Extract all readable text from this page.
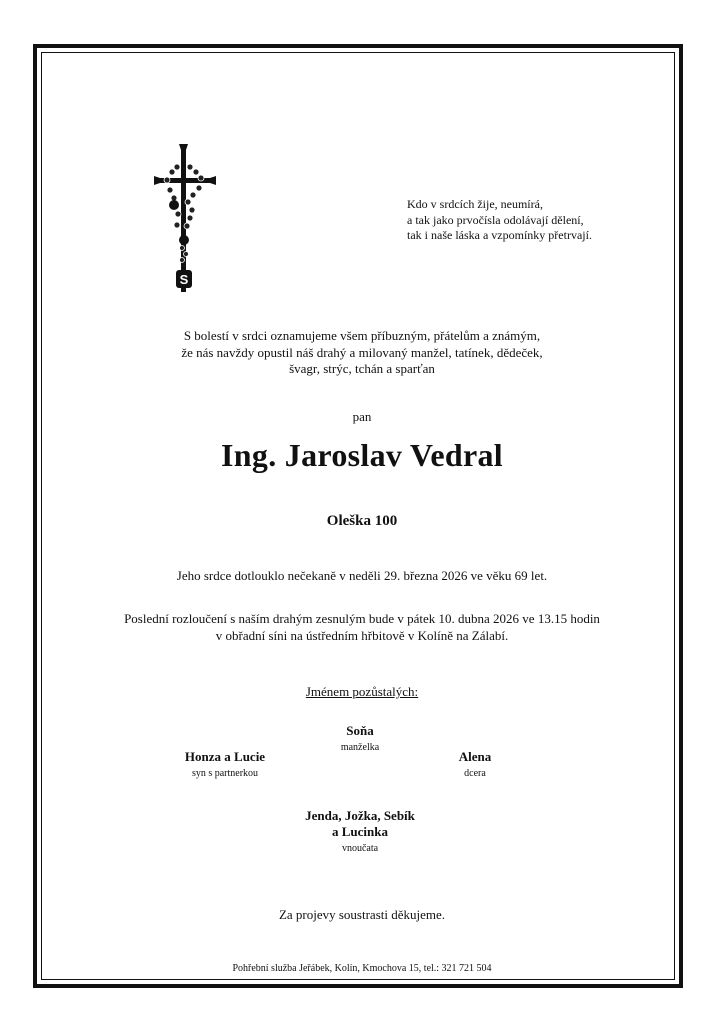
S
Kdo v srdcích žije, neumírá,
a tak jako prvočísla odolávají dělení,
tak i naše láska a vzpomínky přetrvají.
S bolestí v srdci oznamujeme všem příbuzným, přátelům a známým,
že nás navždy opustil náš drahý a milovaný manžel, tatínek, dědeček,
švagr, strýc, tchán a sparťan
pan
Ing. Jaroslav Vedral
Oleška 100
Jeho srdce dotlouklo nečekaně v neděli 29. března 2026 ve věku 69 let.
Poslední rozloučení s naším drahým zesnulým bude v pátek 10. dubna 2026 ve 13.15 hodin
v obřadní síni na ústředním hřbitově v Kolíně na Zálabí.
Jménem pozůstalých:
Soňa
manželka
Honza a Lucie
syn s partnerkou
Alena
dcera
Jenda, Jožka, Sebík
a Lucinka
vnoučata
Za projevy soustrasti děkujeme.
Pohřební služba Jeřábek, Kolín, Kmochova 15, tel.: 321 721 504
